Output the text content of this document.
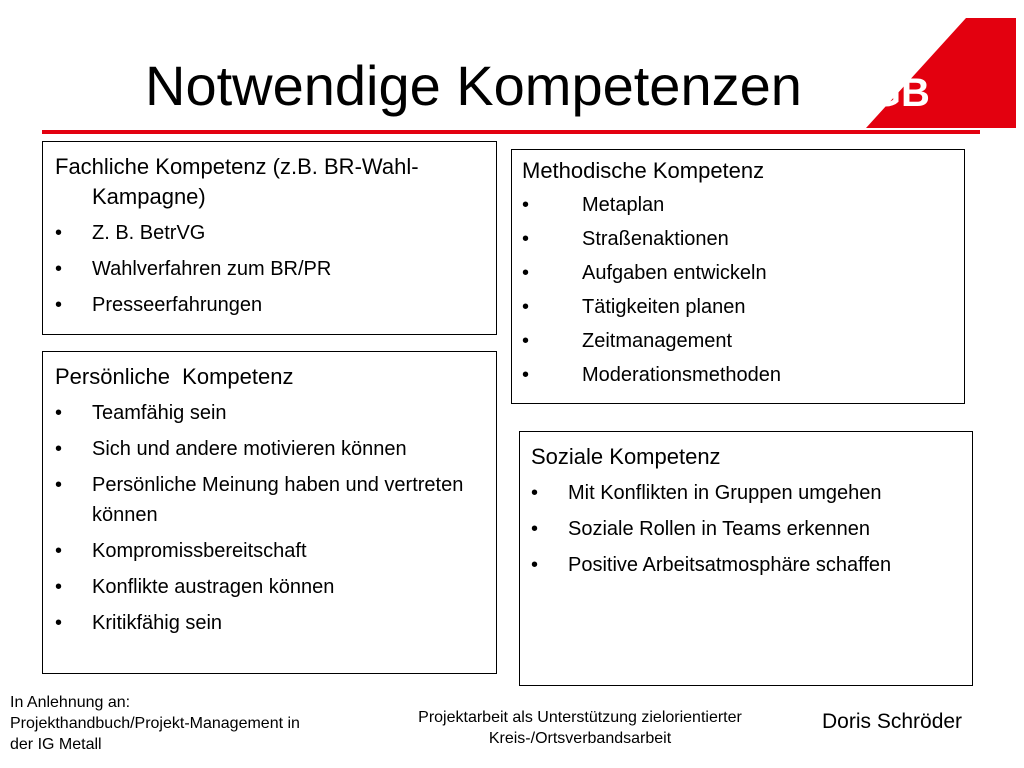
DGB
Notwendige Kompetenzen
Fachliche Kompetenz (z.B. BR-Wahl-Kampagne)
•	Z. B. BetrVG
•	Wahlverfahren zum BR/PR
•	Presseerfahrungen
Methodische Kompetenz
•	Metaplan
•	Straßenaktionen
•	Aufgaben entwickeln
•	Tätigkeiten planen
•	Zeitmanagement
•	Moderationsmethoden
Persönliche  Kompetenz
•	Teamfähig sein
•	Sich und andere motivieren können
•	Persönliche Meinung haben und vertreten können
•	Kompromissbereitschaft
•	Konflikte austragen können
•	Kritikfähig sein
Soziale Kompetenz
•	Mit Konflikten in Gruppen umgehen
•	Soziale Rollen in Teams erkennen
•	Positive Arbeitsatmosphäre schaffen
In Anlehnung an: Projekthandbuch/Projekt-Management in der IG Metall
Projektarbeit als Unterstützung zielorientierter Kreis-/Ortsverbandsarbeit
Doris Schröder
